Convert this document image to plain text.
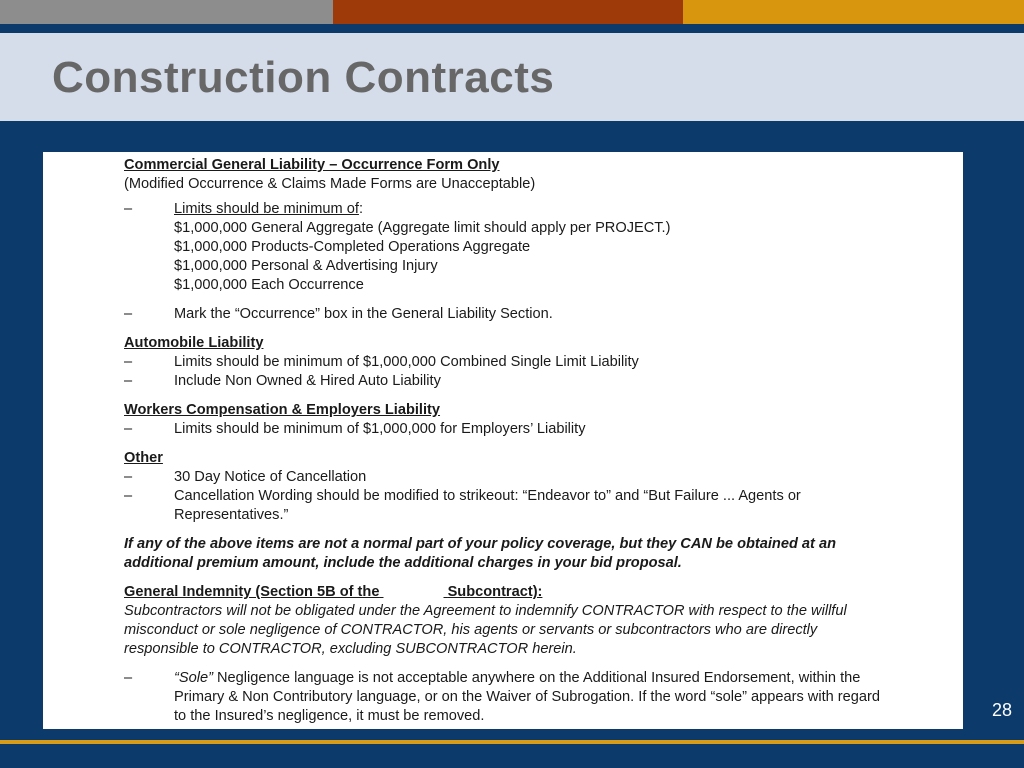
Construction Contracts
Commercial General Liability – Occurrence Form Only
(Modified Occurrence & Claims Made Forms are Unacceptable)
–	Limits should be minimum of:
$1,000,000 General Aggregate (Aggregate limit should apply per PROJECT.)
$1,000,000 Products-Completed Operations Aggregate
$1,000,000 Personal & Advertising Injury
$1,000,000 Each Occurrence
–	Mark the “Occurrence” box in the General Liability Section.
Automobile Liability
–	Limits should be minimum of $1,000,000 Combined Single Limit Liability
–	Include Non Owned & Hired Auto Liability
Workers Compensation & Employers Liability
–	Limits should be minimum of $1,000,000 for Employers’ Liability
Other
–	30 Day Notice of Cancellation
–	Cancellation Wording should be modified to strikeout: “Endeavor to” and “But Failure ... Agents or Representatives.”
If any of the above items are not a normal part of your policy coverage, but they CAN be obtained at an additional premium amount, include the additional charges in your bid proposal.
General Indemnity (Section 5B of the	Subcontract):
Subcontractors will not be obligated under the Agreement to indemnify CONTRACTOR with respect to the willful misconduct or sole negligence of CONTRACTOR, his agents or servants or subcontractors who are directly responsible to CONTRACTOR, excluding SUBCONTRACTOR herein.
–	“Sole” Negligence language is not acceptable anywhere on the Additional Insured Endorsement, within the Primary & Non Contributory language, or on the Waiver of Subrogation. If the word “sole” appears with regard to the Insured’s negligence, it must be removed.	28
